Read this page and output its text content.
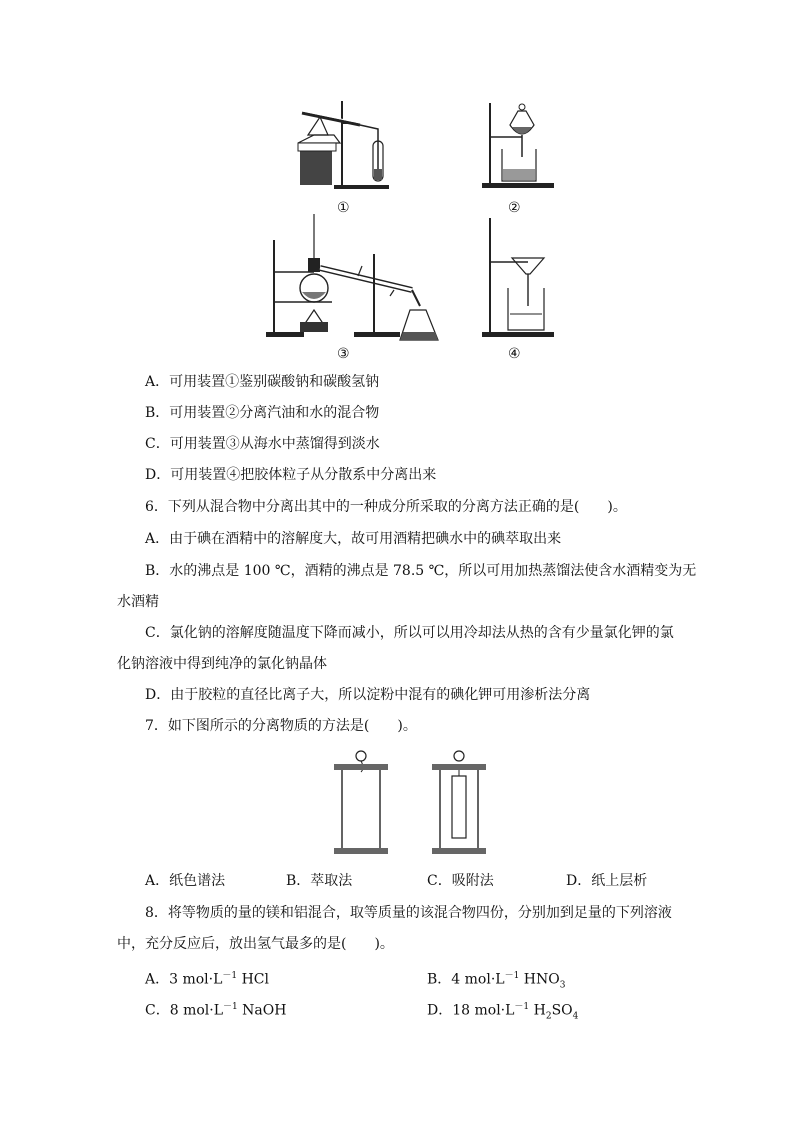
①	②
③	④
A．可用装置①鉴别碳酸钠和碳酸氢钠
B．可用装置②分离汽油和水的混合物
C．可用装置③从海水中蒸馏得到淡水
D．可用装置④把胶体粒子从分散系中分离出来
6．下列从混合物中分离出其中的一种成分所采取的分离方法正确的是(　　)。
A．由于碘在酒精中的溶解度大，故可用酒精把碘水中的碘萃取出来
B．水的沸点是 100 ℃，酒精的沸点是 78.5 ℃，所以可用加热蒸馏法使含水酒精变为无
水酒精
C．氯化钠的溶解度随温度下降而减小，所以可以用冷却法从热的含有少量氯化钾的氯
化钠溶液中得到纯净的氯化钠晶体
D．由于胶粒的直径比离子大，所以淀粉中混有的碘化钾可用渗析法分离
7．如下图所示的分离物质的方法是(　　)。
A．纸色谱法	B．萃取法	C．吸附法	D．纸上层析
8．将等物质的量的镁和铝混合，取等质量的该混合物四份，分别加到足量的下列溶液
中，充分反应后，放出氢气最多的是(　　)。
A．3 $mol\cdot L^{-1}$ HCl	B．4 $mol\cdot L^{-1}$ $HNO_3$
C．8 $mol\cdot L^{-1}$ NaOH	D．18 $mol\cdot L^{-1}$ $H_2SO_4$
